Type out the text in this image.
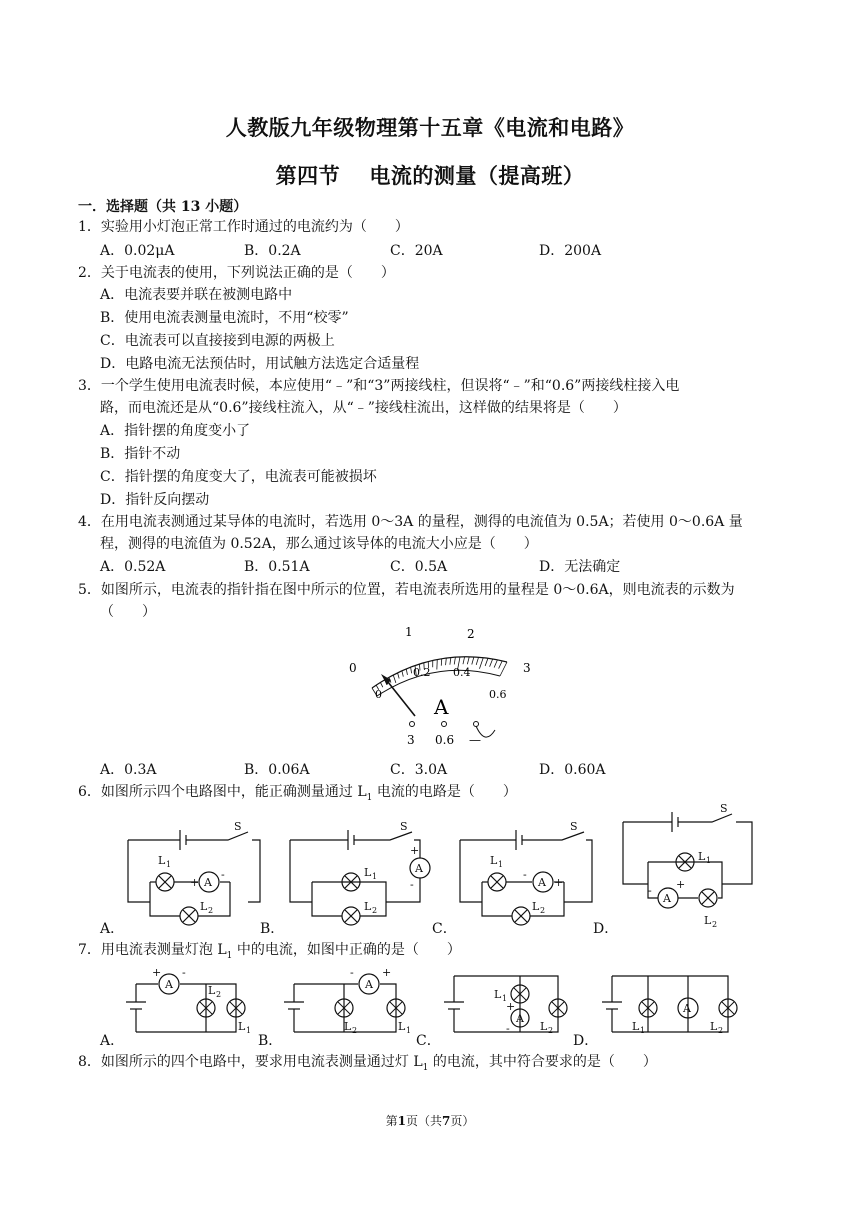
人教版九年级物理第十五章《电流和电路》
第四节　 电流的测量（提高班）
一．选择题（共 13 小题）
1．实验用小灯泡正常工作时通过的电流约为（　　）
A．0.02μA	B．0.2A	C．20A	D．200A
2．关于电流表的使用，下列说法正确的是（　　）
A．电流表要并联在被测电路中
B．使用电流表测量电流时，不用“校零”
C．电流表可以直接接到电源的两极上
D．电路电流无法预估时，用试触方法选定合适量程
3．一个学生使用电流表时候，本应使用“﹣”和“3”两接线柱，但误将“﹣”和“0.6”两接线柱接入电
路，而电流还是从“0.6”接线柱流入，从“﹣”接线柱流出，这样做的结果将是（　　）
A．指针摆的角度变小了
B．指针不动
C．指针摆的角度变大了，电流表可能被损坏
D．指针反向摆动
4．在用电流表测通过某导体的电流时，若选用 0～3A 的量程，测得的电流值为 0.5A；若使用 0～0.6A 量
程，测得的电流值为 0.52A，那么通过该导体的电流大小应是（　　）
A．0.52A	B．0.51A	C．0.5A	D．无法确定
5．如图所示，电流表的指针指在图中所示的位置，若电流表所选用的量程是 0～0.6A，则电流表的示数为
（　　）
0
1	2
3
0
0.2 0.4
0.6
A
3 0.6 —
A．0.3A	B．0.06A	C．3.0A	D．0.60A
6．如图所示四个电路图中，能正确测量通过 $L_1$ 电流的电路是（　　）
S
A
+
-
L 1
L 2
S
A
+
-
L 1
L 2
S
A
-
+
L 1
L 2
S
A
- +
L 1
L 2
A．	B．	C．	D．
7．用电流表测量灯泡 $L_1$ 中的电流，如图中正确的是（　　）
A
+ -
L 2
L 1
A
-	+
L 2	L 1
A
+
-
L 1
L 2
A
L 1	L 2
A．	B．	C．	D．
8．如图所示的四个电路中，要求用电流表测量通过灯 $L_1$ 的电流，其中符合要求的是（　　）
第1页（共7页）
